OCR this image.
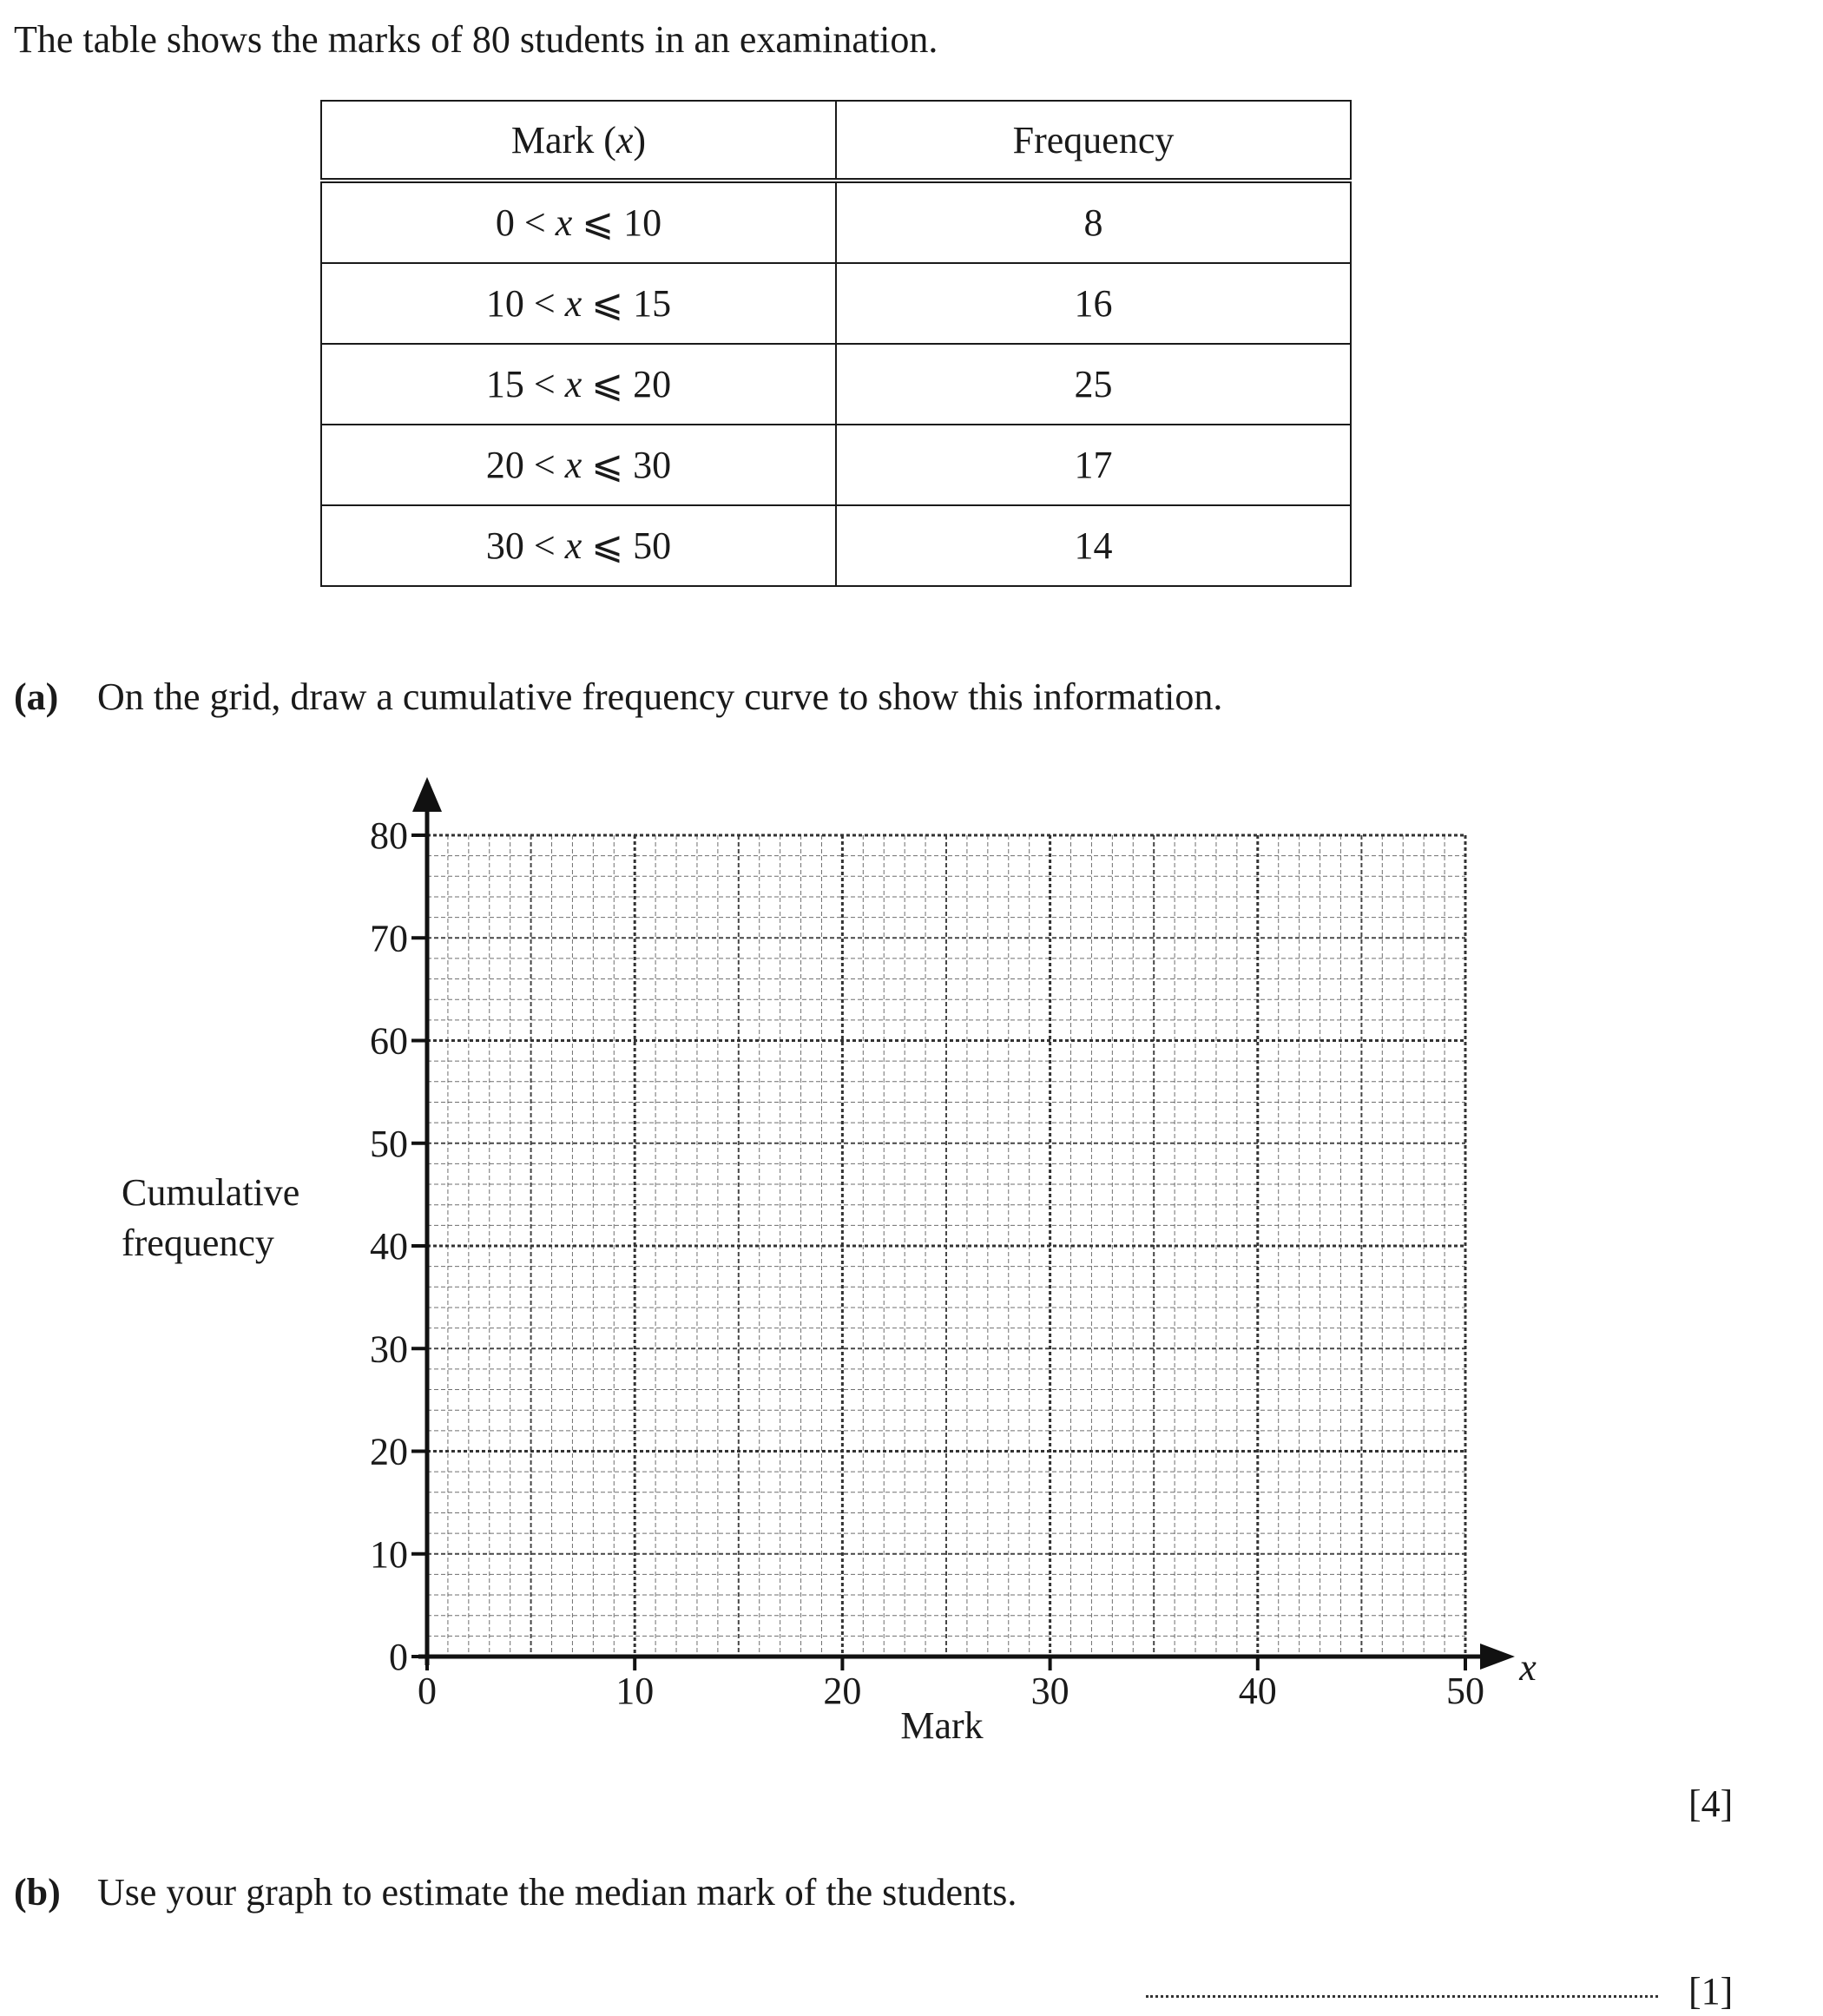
The table shows the marks of 80 students in an examination.
Mark (x)	Frequency
0 < x ⩽ 10	8
10 < x ⩽ 15	16
15 < x ⩽ 20	25
20 < x ⩽ 30	17
30 < x ⩽ 50	14
(a) On the grid, draw a cumulative frequency curve to show this information.
0
10
20
30
40
50
60
70
80
0	10	20	30	40	50
Mark
x
Cumulative
frequency
[4]
(b) Use your graph to estimate the median mark of the students.
[1]
